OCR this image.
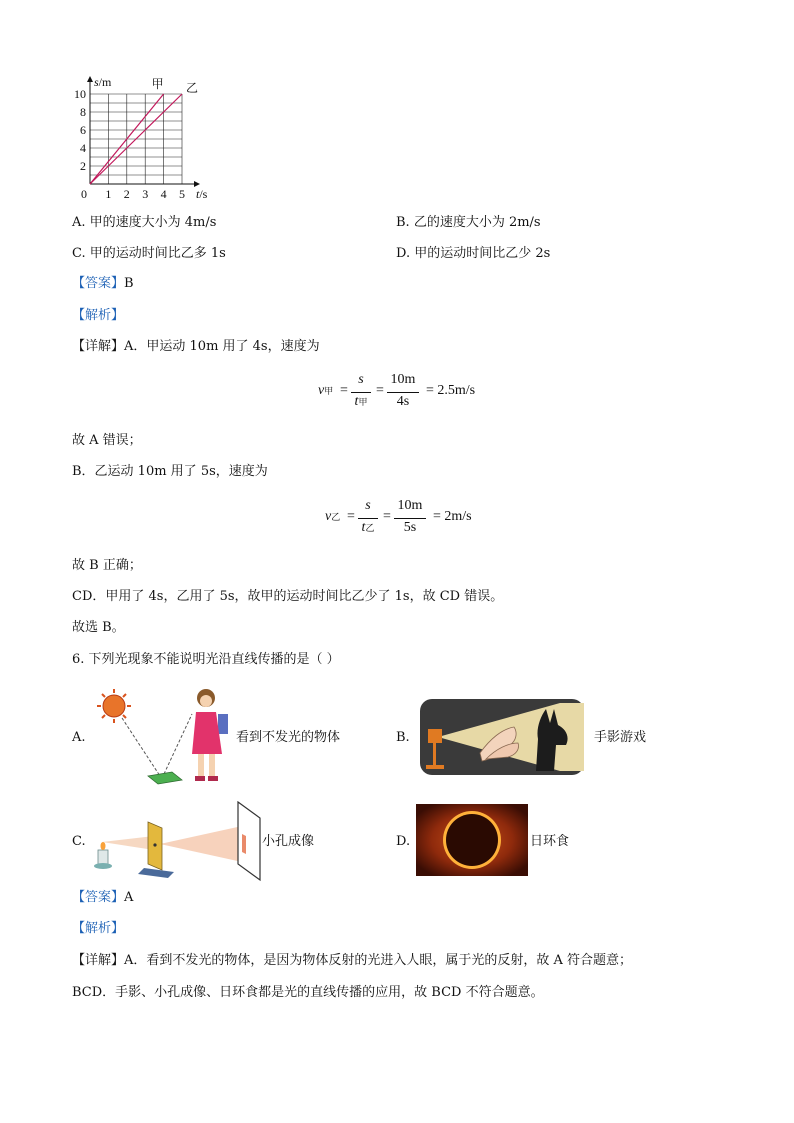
1 2 3 4 5
0
2
4
6
8
10
t/s
s/m	甲 乙
A. 甲的速度大小为 4m/s	B. 乙的速度大小为 2m/s
C. 甲的运动时间比乙多 1s	D. 甲的运动时间比乙少 2s
【答案】B
【解析】
【详解】A．甲运动 10m 用了 4s，速度为
v甲 =
s
t甲
=
10m
4s
= 2.5m/s
故 A 错误；
B．乙运动 10m 用了 5s，速度为
v乙 =
s
t乙
=
10m
5s
= 2m/s
故 B 正确；
CD．甲用了 4s，乙用了 5s，故甲的运动时间比乙少了 1s，故 CD 错误。
故选 B。
6. 下列光现象不能说明光沿直线传播的是（ ）
A.	看到不发光的物体	B.	手影游戏
C.	小孔成像	D.	日环食
【答案】A
【解析】
【详解】A．看到不发光的物体，是因为物体反射的光进入人眼，属于光的反射，故 A 符合题意；
BCD．手影、小孔成像、日环食都是光的直线传播的应用，故 BCD 不符合题意。
